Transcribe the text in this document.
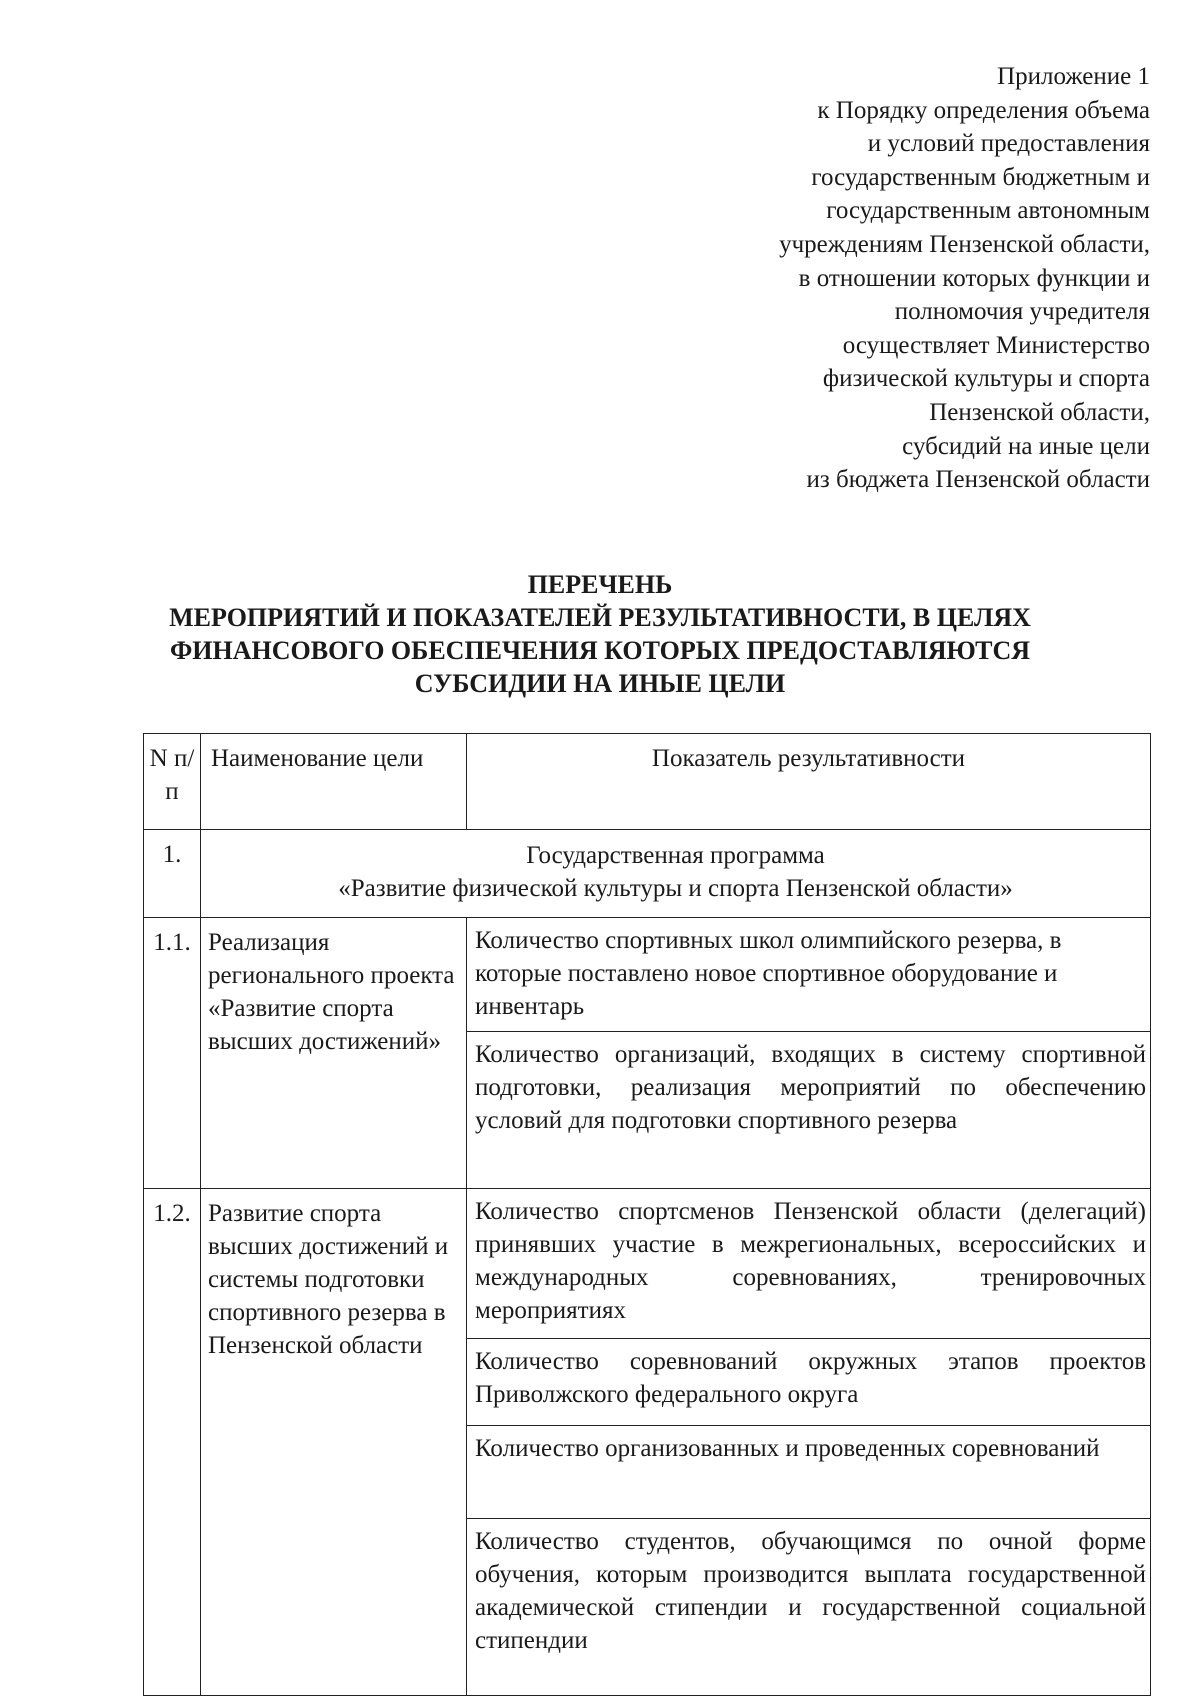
Приложение 1
к Порядку определения объема
и условий предоставления
государственным бюджетным и
государственным автономным
учреждениям Пензенской области,
в отношении которых функции и
полномочия учредителя
осуществляет Министерство
физической культуры и спорта
Пензенской области,
субсидий на иные цели
из бюджета Пензенской области
ПЕРЕЧЕНЬ
МЕРОПРИЯТИЙ И ПОКАЗАТЕЛЕЙ РЕЗУЛЬТАТИВНОСТИ, В ЦЕЛЯХ
ФИНАНСОВОГО ОБЕСПЕЧЕНИЯ КОТОРЫХ ПРЕДОСТАВЛЯЮТСЯ
СУБСИДИИ НА ИНЫЕ ЦЕЛИ
N п/п	Наименование цели	Показатель результативности
1.	Государственная программа
«Развитие физической культуры и спорта Пензенской области»	

1.1.	Реализация регионального проекта «Развитие спорта высших достижений»	Количество спортивных школ олимпийского резерва, в которые поставлено новое спортивное оборудование и инвентарь
		Количество организаций, входящих в систему спортивной подготовки, реализация мероприятий по обеспечению условий для подготовки спортивного резерва
1.2.	Развитие спорта высших достижений и системы подготовки спортивного резерва в Пензенской области	Количество спортсменов Пензенской области (делегаций) принявших участие в межрегиональных, всероссийских и международных соревнованиях, тренировочных мероприятиях
		Количество соревнований окружных этапов проектов Приволжского федерального округа
		Количество организованных и проведенных соревнований
		Количество студентов, обучающимся по очной форме обучения, которым производится выплата государственной академической стипендии и государственной социальной стипендии
